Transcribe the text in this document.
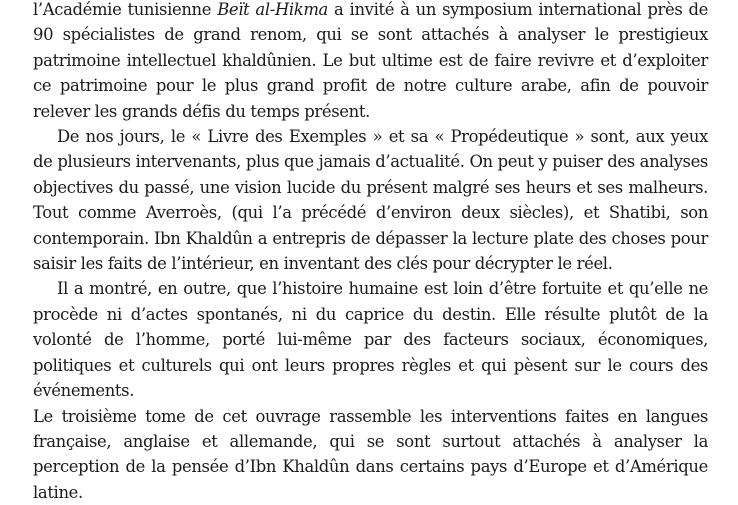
l’Académie tunisienne Beït al-Hikma a invité à un symposium international près de 90 spécialistes de grand renom, qui se sont attachés à analyser le prestigieux patrimoine intellectuel khaldûnien. Le but ultime est de faire revivre et d’exploiter ce patrimoine pour le plus grand profit de notre culture arabe, afin de pouvoir relever les grands défis du temps présent.

De nos jours, le « Livre des Exemples » et sa « Propédeutique » sont, aux yeux de plusieurs intervenants, plus que jamais d’actualité. On peut y puiser des analyses objectives du passé, une vision lucide du présent malgré ses heurs et ses malheurs. Tout comme Averroès, (qui l’a précédé d’environ deux siècles), et Shatibi, son contemporain. Ibn Khaldûn a entrepris de dépasser la lecture plate des choses pour saisir les faits de l’intérieur, en inventant des clés pour décrypter le réel.

Il a montré, en outre, que l’histoire humaine est loin d’être fortuite et qu’elle ne procède ni d’actes spontanés, ni du caprice du destin. Elle résulte plutôt de la volonté de l’homme, porté lui-même par des facteurs sociaux, économiques, politiques et culturels qui ont leurs propres règles et qui pèsent sur le cours des événements.

Le troisième tome de cet ouvrage rassemble les interventions faites en langues française, anglaise et allemande, qui se sont surtout attachés à analyser la perception de la pensée d’Ibn Khaldûn dans certains pays d’Europe et d’Amérique latine.
